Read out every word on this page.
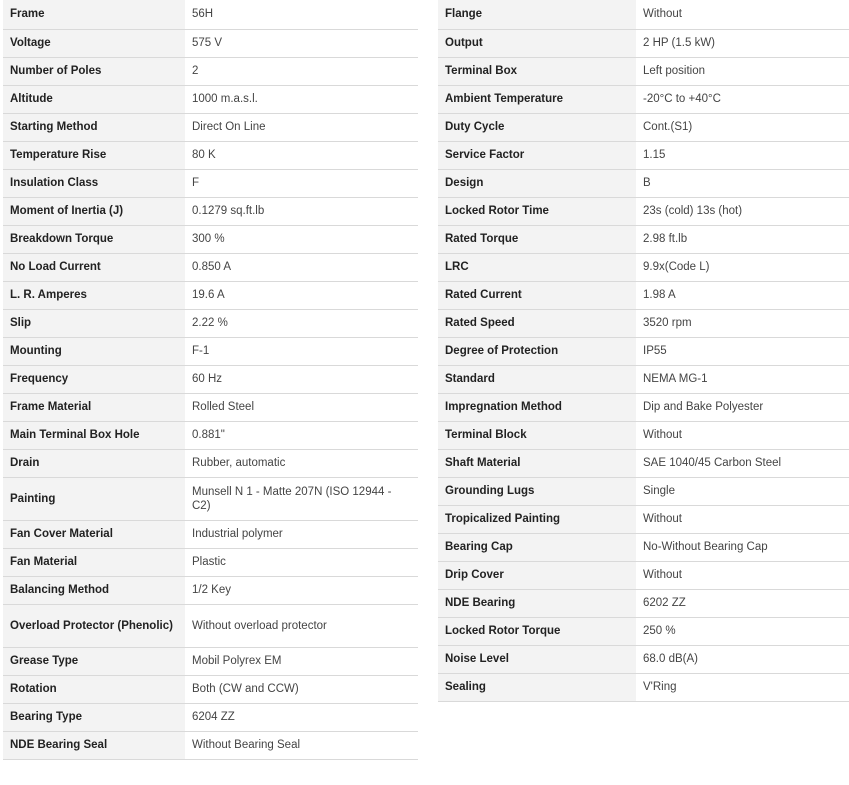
Frame	56H
Voltage	575 V
Number of Poles	2
Altitude	1000 m.a.s.l.
Starting Method	Direct On Line
Temperature Rise	80 K
Insulation Class	F
Moment of Inertia (J)	0.1279 sq.ft.lb
Breakdown Torque	300 %
No Load Current	0.850 A
L. R. Amperes	19.6 A
Slip	2.22 %
Mounting	F-1
Frequency	60 Hz
Frame Material	Rolled Steel
Main Terminal Box Hole	0.881"
Drain	Rubber, automatic
Painting	Munsell N 1 - Matte 207N (ISO 12944 - C2)
Fan Cover Material	Industrial polymer
Fan Material	Plastic
Balancing Method	1/2 Key
Overload Protector (Phenolic)	Without overload protector
Grease Type	Mobil Polyrex EM
Rotation	Both (CW and CCW)
Bearing Type	6204 ZZ
NDE Bearing Seal	Without Bearing Seal
Flange	Without
Output	2 HP (1.5 kW)
Terminal Box	Left position
Ambient Temperature	-20°C to +40°C
Duty Cycle	Cont.(S1)
Service Factor	1.15
Design	B
Locked Rotor Time	23s (cold) 13s (hot)
Rated Torque	2.98 ft.lb
LRC	9.9x(Code L)
Rated Current	1.98 A
Rated Speed	3520 rpm
Degree of Protection	IP55
Standard	NEMA MG-1
Impregnation Method	Dip and Bake Polyester
Terminal Block	Without
Shaft Material	SAE 1040/45 Carbon Steel
Grounding Lugs	Single
Tropicalized Painting	Without
Bearing Cap	No-Without Bearing Cap
Drip Cover	Without
NDE Bearing	6202 ZZ
Locked Rotor Torque	250 %
Noise Level	68.0 dB(A)
Sealing	V'Ring
